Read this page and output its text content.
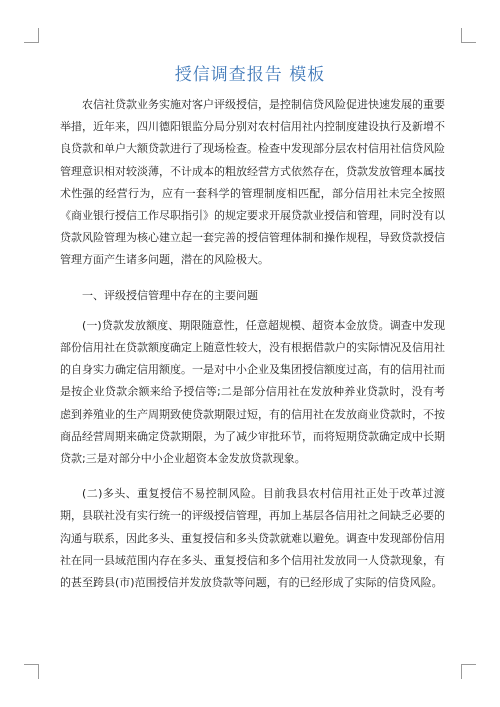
授信调查报告 模板

农信社贷款业务实施对客户评级授信，是控制信贷风险促进快速发展的重要举措，近年来，四川德阳银监分局分别对农村信用社内控制度建设执行及新增不良贷款和单户大额贷款进行了现场检查。检查中发现部分层农村信用社信贷风险管理意识相对较淡薄，不计成本的粗放经营方式依然存在，贷款发放管理本属技术性强的经营行为，应有一套科学的管理制度相匹配，部分信用社未完全按照《商业银行授信工作尽职指引》的规定要求开展贷款业授信和管理，同时没有以贷款风险管理为核心建立起一套完善的授信管理体制和操作规程，导致贷款授信管理方面产生诸多问题，潜在的风险极大。

一、评级授信管理中存在的主要问题

(一)贷款发放额度、期限随意性，任意超规模、超资本金放贷。调查中发现部份信用社在贷款额度确定上随意性较大，没有根据借款户的实际情况及信用社的自身实力确定信用额度。一是对中小企业及集团授信额度过高，有的信用社而是按企业贷款余额来给予授信等;二是部分信用社在发放种养业贷款时，没有考虑到养殖业的生产周期致使贷款期限过短，有的信用社在发放商业贷款时，不按商品经营周期来确定贷款期限，为了减少审批环节，而将短期贷款确定成中长期贷款;三是对部分中小企业超资本金发放贷款现象。

(二)多头、重复授信不易控制风险。目前我县农村信用社正处于改革过渡期，县联社没有实行统一的评级授信管理，再加上基层各信用社之间缺乏必要的沟通与联系，因此多头、重复授信和多头贷款就难以避免。调查中发现部份信用社在同一县域范围内存在多头、重复授信和多个信用社发放同一人贷款现象，有的甚至跨县(市)范围授信并发放贷款等问题，有的已经形成了实际的信贷风险。
